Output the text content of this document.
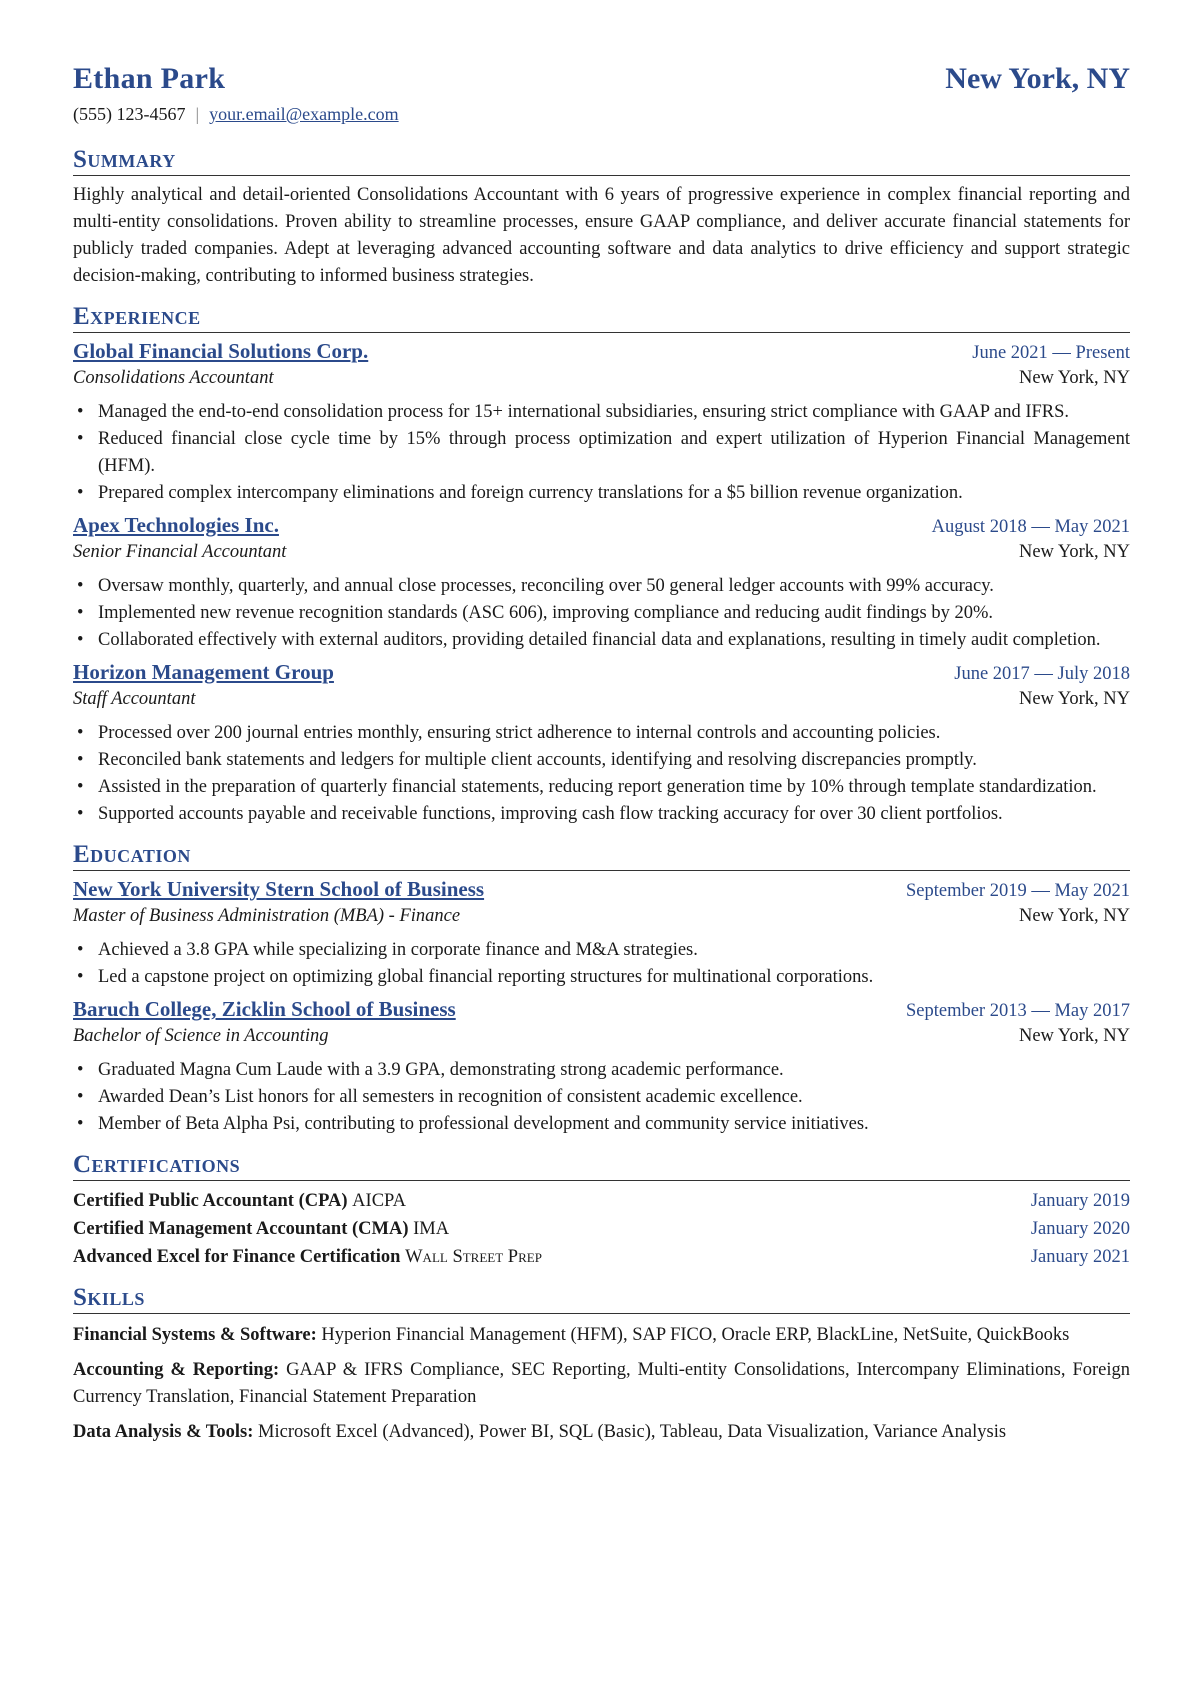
Ethan Park	New York, NY
(555) 123-4567 | your.email@example.com
Summary
Highly analytical and detail-oriented Consolidations Accountant with 6 years of progressive experience in complex financial reporting and multi-entity consolidations. Proven ability to streamline processes, ensure GAAP compliance, and deliver accurate financial statements for publicly traded companies. Adept at leveraging advanced accounting software and data analytics to drive efficiency and support strategic decision-making, contributing to informed business strategies.
Experience
Global Financial Solutions Corp.	June 2021 — Present
Consolidations Accountant	New York, NY
• Managed the end-to-end consolidation process for 15+ international subsidiaries, ensuring strict compliance with GAAP and IFRS.
• Reduced financial close cycle time by 15% through process optimization and expert utilization of Hyperion Financial Management (HFM).
• Prepared complex intercompany eliminations and foreign currency translations for a $5 billion revenue organization.
Apex Technologies Inc.	August 2018 — May 2021
Senior Financial Accountant	New York, NY
• Oversaw monthly, quarterly, and annual close processes, reconciling over 50 general ledger accounts with 99% accuracy.
• Implemented new revenue recognition standards (ASC 606), improving compliance and reducing audit findings by 20%.
• Collaborated effectively with external auditors, providing detailed financial data and explanations, resulting in timely audit completion.
Horizon Management Group	June 2017 — July 2018
Staff Accountant	New York, NY
• Processed over 200 journal entries monthly, ensuring strict adherence to internal controls and accounting policies.
• Reconciled bank statements and ledgers for multiple client accounts, identifying and resolving discrepancies promptly.
• Assisted in the preparation of quarterly financial statements, reducing report generation time by 10% through template standardization.
• Supported accounts payable and receivable functions, improving cash flow tracking accuracy for over 30 client portfolios.
Education
New York University Stern School of Business	September 2019 — May 2021
Master of Business Administration (MBA) - Finance	New York, NY
• Achieved a 3.8 GPA while specializing in corporate finance and M&A strategies.
• Led a capstone project on optimizing global financial reporting structures for multinational corporations.
Baruch College, Zicklin School of Business	September 2013 — May 2017
Bachelor of Science in Accounting	New York, NY
• Graduated Magna Cum Laude with a 3.9 GPA, demonstrating strong academic performance.
• Awarded Dean’s List honors for all semesters in recognition of consistent academic excellence.
• Member of Beta Alpha Psi, contributing to professional development and community service initiatives.
Certifications
Certified Public Accountant (CPA) AICPA	January 2019
Certified Management Accountant (CMA) IMA	January 2020
Advanced Excel for Finance Certification Wall Street Prep	January 2021
Skills
Financial Systems & Software: Hyperion Financial Management (HFM), SAP FICO, Oracle ERP, BlackLine, NetSuite, QuickBooks
Accounting & Reporting: GAAP & IFRS Compliance, SEC Reporting, Multi-entity Consolidations, Intercompany Eliminations, Foreign Currency Translation, Financial Statement Preparation
Data Analysis & Tools: Microsoft Excel (Advanced), Power BI, SQL (Basic), Tableau, Data Visualization, Variance Analysis
